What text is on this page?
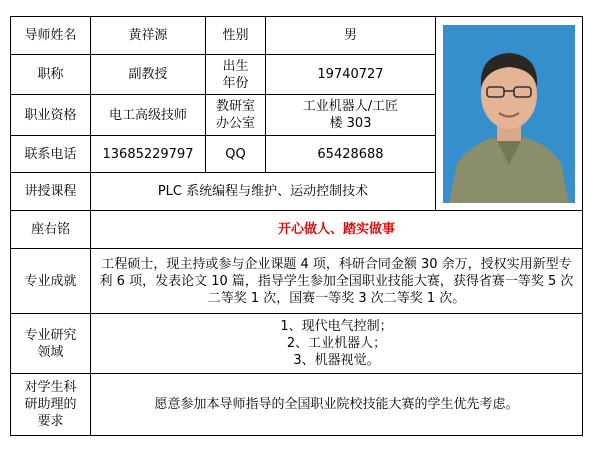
导师姓名	黄祥源	性别	男	

职称	副教授	出生年份	19740727	
职业资格	电工高级技师	教研室办公室	工业机器人/工匠楼 303	
联系电话	13685229797	QQ	65428688	
讲授课程	PLC 系统编程与维护、运动控制技术			
座右铭	开心做人、踏实做事			
专业成就	工程硕士，现主持或参与企业课题 4 项，科研合同金额 30 余万，授权实用新型专利 6 项，发表论文 10 篇，指导学生参加全国职业技能大赛，获得省赛一等奖 5 次二等奖 1 次，国赛一等奖 3 次二等奖 1 次。			
专业研究领域	1、现代电气控制；
2、工业机器人；
3、机器视觉。			

对学生科研助理的要求	愿意参加本导师指导的全国职业院校技能大赛的学生优先考虑。			
